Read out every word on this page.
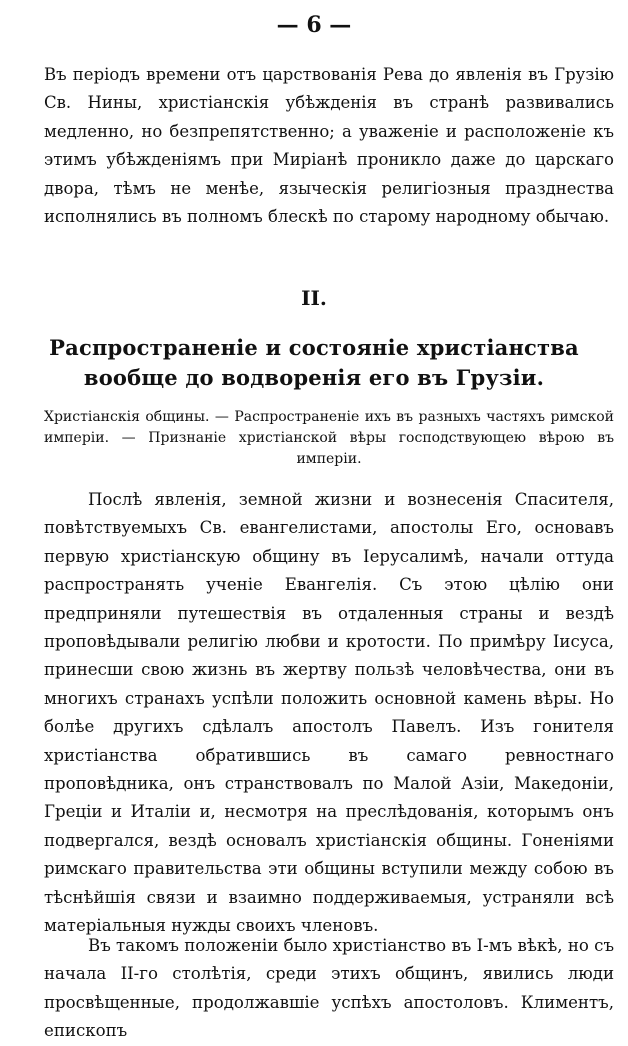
— 6 —

Въ періодъ времени отъ царствованія Рева до явленія въ Грузію Св. Нины, христіанскія убѣжденія въ странѣ развивались медленно, но безпрепятственно; а уваженіе и расположеніе къ этимъ убѣжденіямъ при Миріанѣ проникло даже до царскаго двора, тѣмъ не менѣе, языческія религіозныя празднества исполнялись въ полномъ блескѣ по старому народному обычаю.

II.
Распространеніе и состояніе христіанства вообще до водворенія его въ Грузіи.

Христіанскія общины. — Распространеніе ихъ въ разныхъ частяхъ римской имперіи. — Признаніе христіанской вѣры господствующею вѣрою въ имперіи.

Послѣ явленія, земной жизни и вознесенія Спасителя, повѣтствуемыхъ Св. евангелистами, апостолы Его, основавъ первую христіанскую общину въ Іерусалимѣ, начали оттуда распространять ученіе Евангелія. Съ этою цѣлію они предприняли путешествія въ отдаленныя страны и вездѣ проповѣдывали религію любви и кротости. По примѣру Іисуса, принесши свою жизнь въ жертву пользѣ человѣчества, они въ многихъ странахъ успѣли положить основной камень вѣры. Но болѣе другихъ сдѣлалъ апостолъ Павелъ. Изъ гонителя христіанства обратившись въ самаго ревностнаго проповѣдника, онъ странствовалъ по Малой Азіи, Македоніи, Греціи и Италіи и, несмотря на преслѣдованія, которымъ онъ подвергался, вездѣ основалъ христіанскія общины. Гоненіями римскаго правительства эти общины вступили между собою въ тѣснѣйшія связи и взаимно поддерживаемыя, устраняли всѣ матеріальныя нужды своихъ членовъ.

Въ такомъ положеніи было христіанство въ I-мъ вѣкѣ, но съ начала II-го столѣтія, среди этихъ общинъ, явились люди просвѣщенные, продолжавшіе успѣхъ апостоловъ. Климентъ, епископъ
